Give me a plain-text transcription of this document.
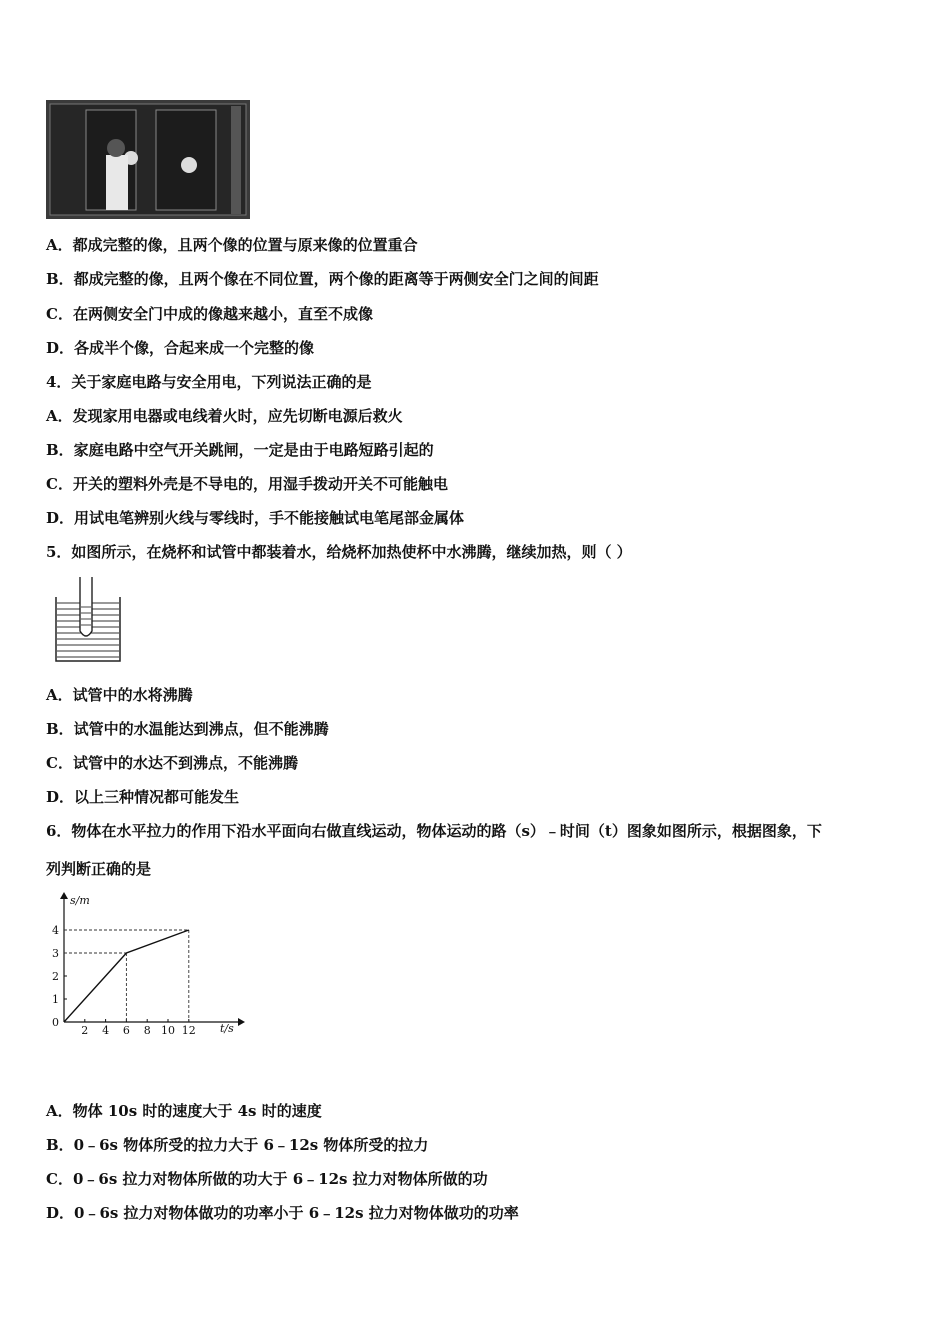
A．都成完整的像，且两个像的位置与原来像的位置重合
B．都成完整的像，且两个像在不同位置，两个像的距离等于两侧安全门之间的间距
C．在两侧安全门中成的像越来越小，直至不成像
D．各成半个像，合起来成一个完整的像
4．关于家庭电路与安全用电，下列说法正确的是
A．发现家用电器或电线着火时，应先切断电源后救火
B．家庭电路中空气开关跳闸，一定是由于电路短路引起的
C．开关的塑料外壳是不导电的，用湿手拨动开关不可能触电
D．用试电笔辨别火线与零线时，手不能接触试电笔尾部金属体
5．如图所示，在烧杯和试管中都装着水，给烧杯加热使杯中水沸腾，继续加热，则（ ）
A．试管中的水将沸腾
B．试管中的水温能达到沸点，但不能沸腾
C．试管中的水达不到沸点，不能沸腾
D．以上三种情况都可能发生
6．物体在水平拉力的作用下沿水平面向右做直线运动，物体运动的路（s）﹣时间（t）图象如图所示，根据图象，下
列判断正确的是
s/m
t/s
0
2 4 6 8 10 12
1
2
3
4
A．物体 10s 时的速度大于 4s 时的速度
B．0﹣6s 物体所受的拉力大于 6﹣12s 物体所受的拉力
C．0﹣6s 拉力对物体所做的功大于 6﹣12s 拉力对物体所做的功
D．0﹣6s 拉力对物体做功的功率小于 6﹣12s 拉力对物体做功的功率
